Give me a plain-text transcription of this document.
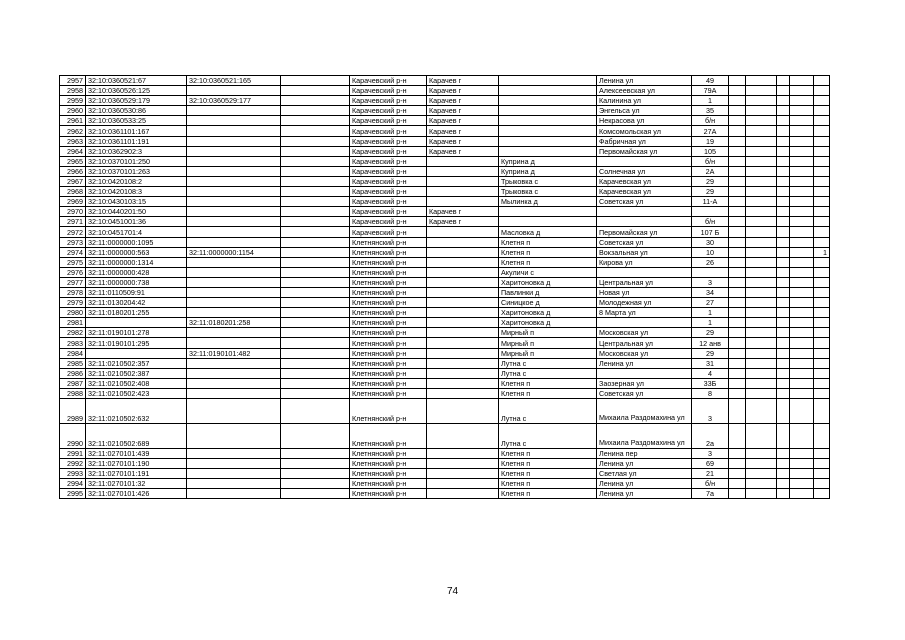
2957	32:10:0360521:67	32:10:0360521:165		Карачевский р-н	Карачев г		Ленина ул	49					
2958	32:10:0360526:125			Карачевский р-н	Карачев г		Алексеевская ул	79А					
2959	32:10:0360529:179	32:10:0360529:177		Карачевский р-н	Карачев г		Калинина ул	1					
2960	32:10:0360530:86			Карачевский р-н	Карачев г		Энгельса ул	35					
2961	32:10:0360533:25			Карачевский р-н	Карачев г		Некрасова ул	б/н					
2962	32:10:0361101:167			Карачевский р-н	Карачев г		Комсомольская ул	27А					
2963	32:10:0361101:191			Карачевский р-н	Карачев г		Фабричная ул	19					
2964	32:10:0362902:3			Карачевский р-н	Карачев г		Первомайская ул	105					
2965	32:10:0370101:250			Карачевский р-н		Куприна д		б/н					
2966	32:10:0370101:263			Карачевский р-н		Куприна д	Солнечная ул	2А					
2967	32:10:0420108:2			Карачевский р-н		Трыковка с	Карачевская ул	29					
2968	32:10:0420108:3			Карачевский р-н		Трыковка с	Карачевская ул	29					
2969	32:10:0430103:15			Карачевский р-н		Мылинка д	Советская ул	11-А					
2970	32:10:0440201:50			Карачевский р-н	Карачев г								
2971	32:10:0451001:36			Карачевский р-н	Карачев г			б/н					
2972	32:10:0451701:4			Карачевский р-н		Масловка д	Первомайская ул	107 Б					
2973	32:11:0000000:1095			Клетнянский р-н		Клетня п	Советская ул	30					
2974	32:11:0000000:563	32:11:0000000:1154		Клетнянский р-н		Клетня п	Вокзальная ул	10					1
2975	32:11:0000000:1314			Клетнянский р-н		Клетня п	Кирова ул	26					
2976	32:11:0000000:428			Клетнянский р-н		Акуличи с							
2977	32:11:0000000:738			Клетнянский р-н		Харитоновка д	Центральная ул	3					
2978	32:11:0110509:91			Клетнянский р-н		Павлинки д	Новая ул	34					
2979	32:11:0130204:42			Клетнянский р-н		Синицкое д	Молодежная ул	27					
2980	32:11:0180201:255			Клетнянский р-н		Харитоновка д	8 Марта ул	1					
2981		32:11:0180201:258		Клетнянский р-н		Харитоновка д		1					
2982	32:11:0190101:278			Клетнянский р-н		Мирный п	Московская ул	29					
2983	32:11:0190101:295			Клетнянский р-н		Мирный п	Центральная ул	12 анв					
2984		32:11:0190101:482		Клетнянский р-н		Мирный п	Московская ул	29					
2985	32:11:0210502:357			Клетнянский р-н		Лутна с	Ленина ул	31					
2986	32:11:0210502:387			Клетнянский р-н		Лутна с		4					
2987	32:11:0210502:408			Клетнянский р-н		Клетня п	Заозерная ул	33Б					
2988	32:11:0210502:423			Клетнянский р-н		Клетня п	Советская ул	8					
2989	32:11:0210502:632			Клетнянский р-н		Лутна с	Михаила Раздомахина ул	3					
2990	32:11:0210502:689			Клетнянский р-н		Лутна с	Михаила Раздомахина ул	2а					
2991	32:11:0270101:439			Клетнянский р-н		Клетня п	Ленина пер	3					
2992	32:11:0270101:190			Клетнянский р-н		Клетня п	Ленина ул	69					
2993	32:11:0270101:191			Клетнянский р-н		Клетня п	Светлая ул	21					
2994	32:11:0270101:32			Клетнянский р-н		Клетня п	Ленина ул	б/н					
2995	32:11:0270101:426			Клетнянский р-н		Клетня п	Ленина ул	7а					
74
